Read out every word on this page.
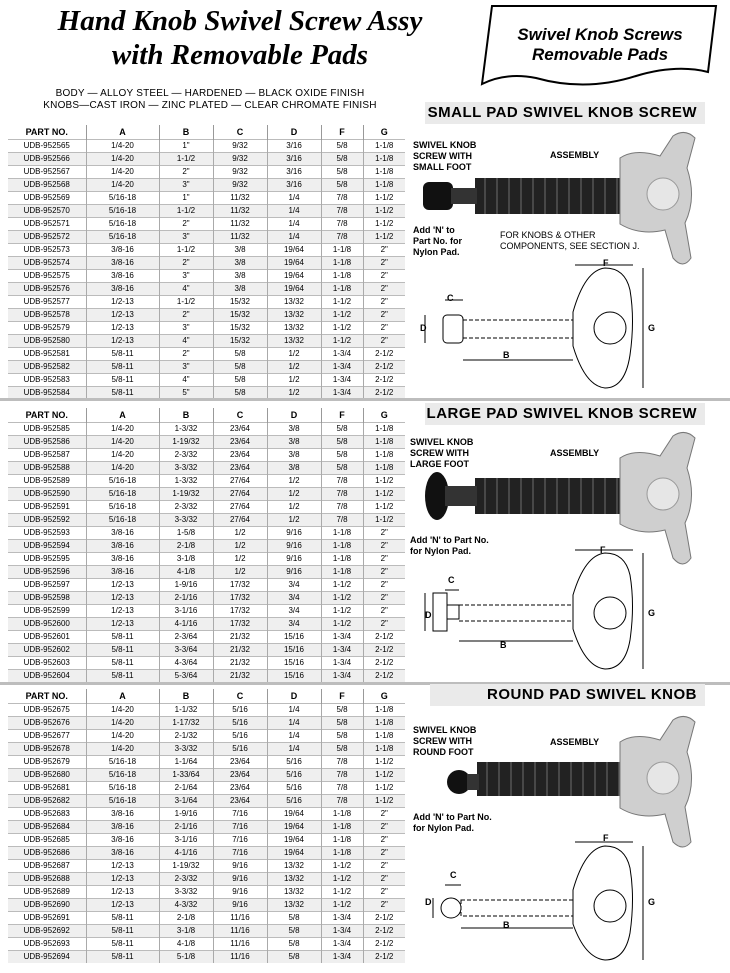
Hand Knob Swivel Screw Assy
with Removable Pads
Swivel Knob Screws
Removable Pads
BODY — ALLOY STEEL — HARDENED — BLACK OXIDE FINISH
KNOBS—CAST IRON — ZINC PLATED — CLEAR CHROMATE FINISH	SMALL PAD SWIVEL KNOB SCREW
PART NO.	A	B	C	D	F	G
UDB-952565	1/4-20	1"	9/32	3/16	5/8	1-1/8
UDB-952566	1/4-20	1-1/2	9/32	3/16	5/8	1-1/8
UDB-952567	1/4-20	2"	9/32	3/16	5/8	1-1/8
UDB-952568	1/4-20	3"	9/32	3/16	5/8	1-1/8
UDB-952569	5/16-18	1"	11/32	1/4	7/8	1-1/2
UDB-952570	5/16-18	1-1/2	11/32	1/4	7/8	1-1/2
UDB-952571	5/16-18	2"	11/32	1/4	7/8	1-1/2
UDB-952572	5/16-18	3"	11/32	1/4	7/8	1-1/2
UDB-952573	3/8-16	1-1/2	3/8	19/64	1-1/8	2"
UDB-952574	3/8-16	2"	3/8	19/64	1-1/8	2"
UDB-952575	3/8-16	3"	3/8	19/64	1-1/8	2"
UDB-952576	3/8-16	4"	3/8	19/64	1-1/8	2"
UDB-952577	1/2-13	1-1/2	15/32	13/32	1-1/2	2"
UDB-952578	1/2-13	2"	15/32	13/32	1-1/2	2"
UDB-952579	1/2-13	3"	15/32	13/32	1-1/2	2"
UDB-952580	1/2-13	4"	15/32	13/32	1-1/2	2"
UDB-952581	5/8-11	2"	5/8	1/2	1-3/4	2-1/2
UDB-952582	5/8-11	3"	5/8	1/2	1-3/4	2-1/2
UDB-952583	5/8-11	4"	5/8	1/2	1-3/4	2-1/2
UDB-952584	5/8-11	5"	5/8	1/2	1-3/4	2-1/2
SWIVEL KNOB
SCREW WITH
SMALL FOOT
ASSEMBLY
Add 'N' to
Part No. for
Nylon Pad.
FOR KNOBS & OTHER
COMPONENTS, SEE SECTION J.
C
D
B
F
G
LARGE PAD SWIVEL KNOB SCREW
PART NO.	A	B	C	D	F	G
UDB-952585	1/4-20	1-3/32	23/64	3/8	5/8	1-1/8
UDB-952586	1/4-20	1-19/32	23/64	3/8	5/8	1-1/8
UDB-952587	1/4-20	2-3/32	23/64	3/8	5/8	1-1/8
UDB-952588	1/4-20	3-3/32	23/64	3/8	5/8	1-1/8
UDB-952589	5/16-18	1-3/32	27/64	1/2	7/8	1-1/2
UDB-952590	5/16-18	1-19/32	27/64	1/2	7/8	1-1/2
UDB-952591	5/16-18	2-3/32	27/64	1/2	7/8	1-1/2
UDB-952592	5/16-18	3-3/32	27/64	1/2	7/8	1-1/2
UDB-952593	3/8-16	1-5/8	1/2	9/16	1-1/8	2"
UDB-952594	3/8-16	2-1/8	1/2	9/16	1-1/8	2"
UDB-952595	3/8-16	3-1/8	1/2	9/16	1-1/8	2"
UDB-952596	3/8-16	4-1/8	1/2	9/16	1-1/8	2"
UDB-952597	1/2-13	1-9/16	17/32	3/4	1-1/2	2"
UDB-952598	1/2-13	2-1/16	17/32	3/4	1-1/2	2"
UDB-952599	1/2-13	3-1/16	17/32	3/4	1-1/2	2"
UDB-952600	1/2-13	4-1/16	17/32	3/4	1-1/2	2"
UDB-952601	5/8-11	2-3/64	21/32	15/16	1-3/4	2-1/2
UDB-952602	5/8-11	3-3/64	21/32	15/16	1-3/4	2-1/2
UDB-952603	5/8-11	4-3/64	21/32	15/16	1-3/4	2-1/2
UDB-952604	5/8-11	5-3/64	21/32	15/16	1-3/4	2-1/2
SWIVEL KNOB
SCREW WITH
LARGE FOOT
ASSEMBLY
Add 'N' to Part No.
for Nylon Pad.
C
D
B
F
G
ROUND PAD SWIVEL KNOB
PART NO.	A	B	C	D	F	G
UDB-952675	1/4-20	1-1/32	5/16	1/4	5/8	1-1/8
UDB-952676	1/4-20	1-17/32	5/16	1/4	5/8	1-1/8
UDB-952677	1/4-20	2-1/32	5/16	1/4	5/8	1-1/8
UDB-952678	1/4-20	3-3/32	5/16	1/4	5/8	1-1/8
UDB-952679	5/16-18	1-1/64	23/64	5/16	7/8	1-1/2
UDB-952680	5/16-18	1-33/64	23/64	5/16	7/8	1-1/2
UDB-952681	5/16-18	2-1/64	23/64	5/16	7/8	1-1/2
UDB-952682	5/16-18	3-1/64	23/64	5/16	7/8	1-1/2
UDB-952683	3/8-16	1-9/16	7/16	19/64	1-1/8	2"
UDB-952684	3/8-16	2-1/16	7/16	19/64	1-1/8	2"
UDB-952685	3/8-16	3-1/16	7/16	19/64	1-1/8	2"
UDB-952686	3/8-16	4-1/16	7/16	19/64	1-1/8	2"
UDB-952687	1/2-13	1-19/32	9/16	13/32	1-1/2	2"
UDB-952688	1/2-13	2-3/32	9/16	13/32	1-1/2	2"
UDB-952689	1/2-13	3-3/32	9/16	13/32	1-1/2	2"
UDB-952690	1/2-13	4-3/32	9/16	13/32	1-1/2	2"
UDB-952691	5/8-11	2-1/8	11/16	5/8	1-3/4	2-1/2
UDB-952692	5/8-11	3-1/8	11/16	5/8	1-3/4	2-1/2
UDB-952693	5/8-11	4-1/8	11/16	5/8	1-3/4	2-1/2
UDB-952694	5/8-11	5-1/8	11/16	5/8	1-3/4	2-1/2
SWIVEL KNOB
SCREW WITH
ROUND FOOT
ASSEMBLY
Add 'N' to Part No.
for Nylon Pad.
C
D
B
F
G
